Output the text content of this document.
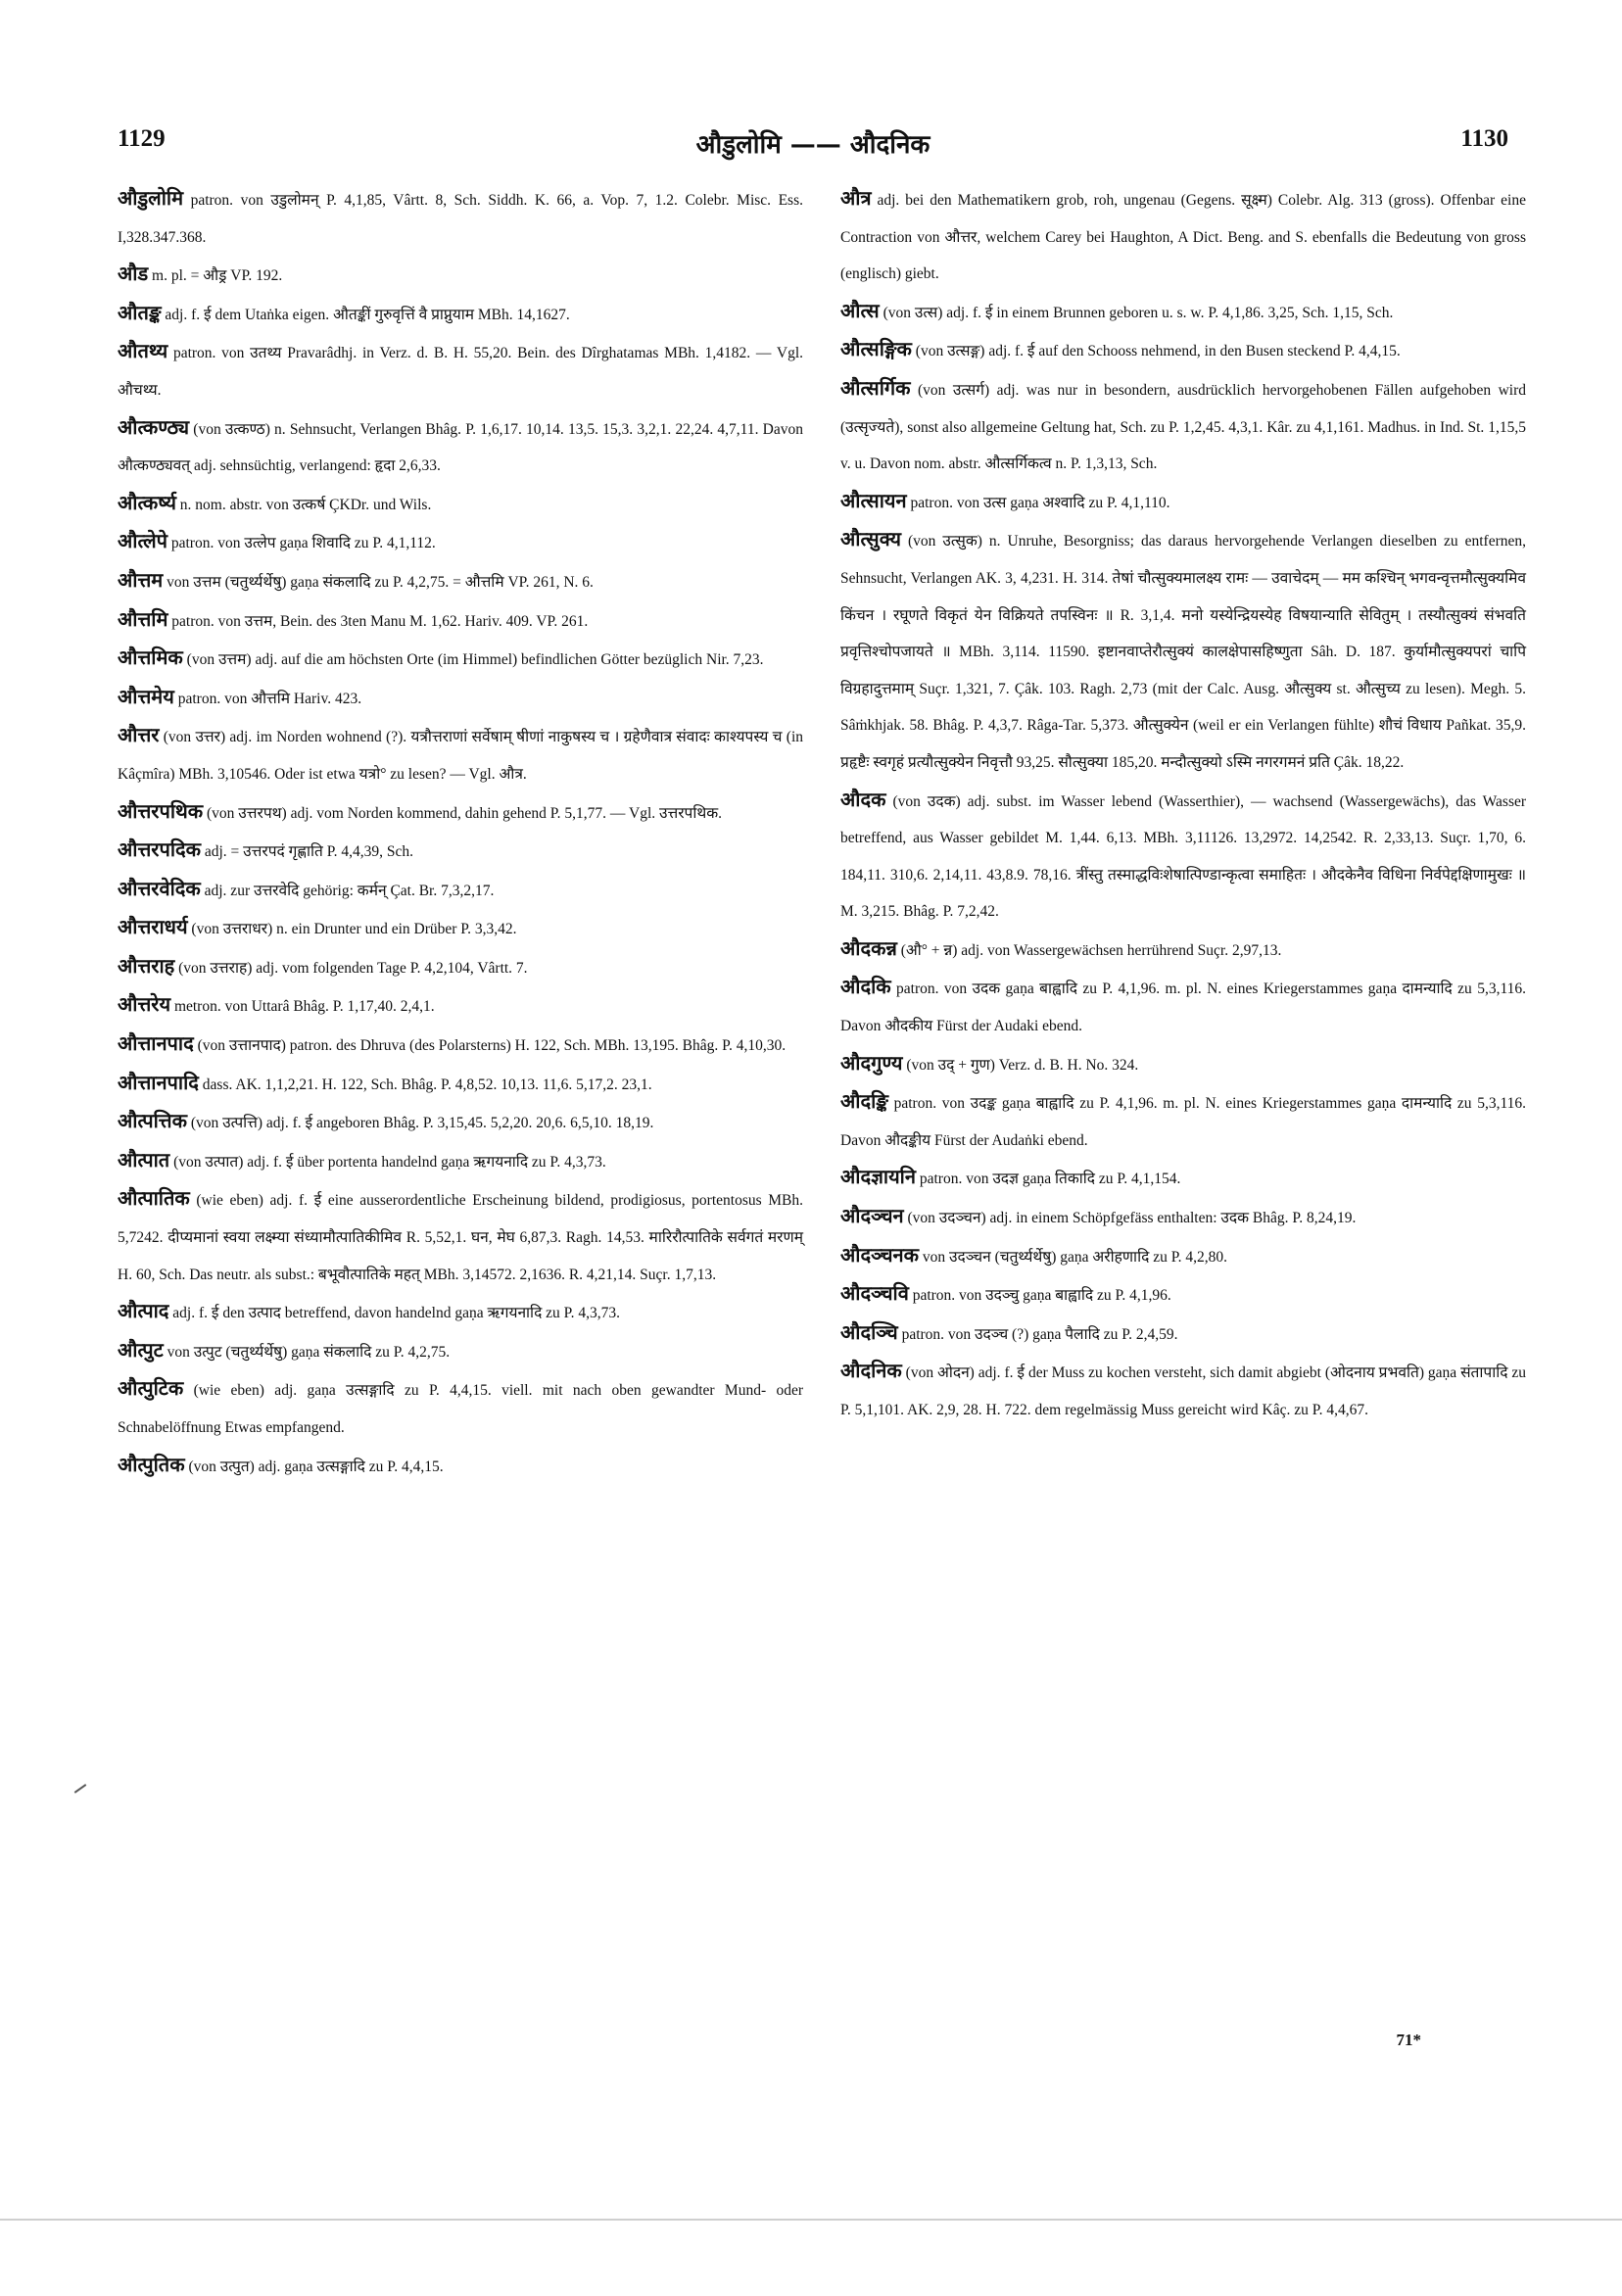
1129	औडुलोमि —— औदनिक	1130

औडुलोमि patron. von उडुलोमन् P. 4,1,85, Vârtt. 8, Sch. Siddh. K. 66, a. Vop. 7, 1.2. Colebr. Misc. Ess. I,328.347.368.

औड m. pl. = औड्र VP. 192.

औतङ्क adj. f. ई dem Utaṅka eigen. औतङ्कीं गुरुवृत्तिं वै प्राप्नुयाम MBh. 14,1627.

औतथ्य patron. von उतथ्य Pravarâdhj. in Verz. d. B. H. 55,20. Bein. des Dîrghatamas MBh. 1,4182. — Vgl. औचथ्य.

औत्कण्ठ्य (von उत्कण्ठ) n. Sehnsucht, Verlangen Bhâg. P. 1,6,17. 10,14. 13,5. 15,3. 3,2,1. 22,24. 4,7,11. Davon औत्कण्ठ्यवत् adj. sehnsüchtig, verlangend: हृदा 2,6,33.

औत्कर्ष्य n. nom. abstr. von उत्कर्ष ÇKDr. und Wils.

औत्लेपे patron. von उत्लेप gaṇa शिवादि zu P. 4,1,112.

औत्तम von उत्तम (चतुर्थ्यर्थेषु) gaṇa संकलादि zu P. 4,2,75. = औत्तमि VP. 261, N. 6.

औत्तमि patron. von उत्तम, Bein. des 3ten Manu M. 1,62. Hariv. 409. VP. 261.

औत्तमिक (von उत्तम) adj. auf die am höchsten Orte (im Himmel) befindlichen Götter bezüglich Nir. 7,23.

औत्तमेय patron. von औत्तमि Hariv. 423.

औत्तर (von उत्तर) adj. im Norden wohnend (?). यत्रौत्तराणां सर्वेषाम् षीणां नाकुषस्य च । ग्रहेणैवात्र संवादः काश्यपस्य च (in Kâçmîra) MBh. 3,10546. Oder ist etwa यत्रो° zu lesen? — Vgl. औत्र.

औत्तरपथिक (von उत्तरपथ) adj. vom Norden kommend, dahin gehend P. 5,1,77. — Vgl. उत्तरपथिक.

औत्तरपदिक adj. = उत्तरपदं गृह्णाति P. 4,4,39, Sch.

औत्तरवेदिक adj. zur उत्तरवेदि gehörig: कर्मन् Çat. Br. 7,3,2,17.

औत्तराधर्य (von उत्तराधर) n. ein Drunter und ein Drüber P. 3,3,42.

औत्तराह (von उत्तराह) adj. vom folgenden Tage P. 4,2,104, Vârtt. 7.

औत्तरेय metron. von Uttarâ Bhâg. P. 1,17,40. 2,4,1.

औत्तानपाद (von उत्तानपाद) patron. des Dhruva (des Polarsterns) H. 122, Sch. MBh. 13,195. Bhâg. P. 4,10,30.

औत्तानपादि dass. AK. 1,1,2,21. H. 122, Sch. Bhâg. P. 4,8,52. 10,13. 11,6. 5,17,2. 23,1.

औत्पत्तिक (von उत्पत्ति) adj. f. ई angeboren Bhâg. P. 3,15,45. 5,2,20. 20,6. 6,5,10. 18,19.

औत्पात (von उत्पात) adj. f. ई über portenta handelnd gaṇa ऋगयनादि zu P. 4,3,73.

औत्पातिक (wie eben) adj. f. ई eine ausserordentliche Erscheinung bildend, prodigiosus, portentosus MBh. 5,7242. दीप्यमानां स्वया लक्ष्म्या संध्यामौत्पातिकीमिव R. 5,52,1. घन, मेघ 6,87,3. Ragh. 14,53. मारिरौत्पातिके सर्वगतं मरणम् H. 60, Sch. Das neutr. als subst.: बभूवौत्पातिके महत् MBh. 3,14572. 2,1636. R. 4,21,14. Suçr. 1,7,13.

औत्पाद adj. f. ई den उत्पाद betreffend, davon handelnd gaṇa ऋगयनादि zu P. 4,3,73.

औत्पुट von उत्पुट (चतुर्थ्यर्थेषु) gaṇa संकलादि zu P. 4,2,75.

औत्पुटिक (wie eben) adj. gaṇa उत्सङ्गादि zu P. 4,4,15. viell. mit nach oben gewandter Mund- oder Schnabelöffnung Etwas empfangend.

औत्पुतिक (von उत्पुत) adj. gaṇa उत्सङ्गादि zu P. 4,4,15.

औत्र adj. bei den Mathematikern grob, roh, ungenau (Gegens. सूक्ष्म) Colebr. Alg. 313 (gross). Offenbar eine Contraction von औत्तर, welchem Carey bei Haughton, A Dict. Beng. and S. ebenfalls die Bedeutung von gross (englisch) giebt.

औत्स (von उत्स) adj. f. ई in einem Brunnen geboren u. s. w. P. 4,1,86. 3,25, Sch. 1,15, Sch.

औत्सङ्गिक (von उत्सङ्ग) adj. f. ई auf den Schooss nehmend, in den Busen steckend P. 4,4,15.

औत्सर्गिक (von उत्सर्ग) adj. was nur in besondern, ausdrücklich hervorgehobenen Fällen aufgehoben wird (उत्सृज्यते), sonst also allgemeine Geltung hat, Sch. zu P. 1,2,45. 4,3,1. Kâr. zu 4,1,161. Madhus. in Ind. St. 1,15,5 v. u. Davon nom. abstr. औत्सर्गिकत्व n. P. 1,3,13, Sch.

औत्सायन patron. von उत्स gaṇa अश्वादि zu P. 4,1,110.

औत्सुक्य (von उत्सुक) n. Unruhe, Besorgniss; das daraus hervorgehende Verlangen dieselben zu entfernen, Sehnsucht, Verlangen AK. 3, 4,231. H. 314. तेषां चौत्सुक्यमालक्ष्य रामः — उवाचेदम् — मम कश्चिन् भगवन्वृत्तमौत्सुक्यमिव किंचन । रघूणते विकृतं येन विक्रियते तपस्विनः ॥ R. 3,1,4. मनो यस्येन्द्रियस्येह विषयान्याति सेवितुम् । तस्यौत्सुक्यं संभवति प्रवृत्तिश्चोपजायते ॥ MBh. 3,114. 11590. इष्टानवाप्तेरौत्सुक्यं कालक्षेपासहिष्णुता Sâh. D. 187. कुर्यामौत्सुक्यपरां चापि विग्रहादुत्तमाम् Suçr. 1,321, 7. Çâk. 103. Ragh. 2,73 (mit der Calc. Ausg. औत्सुक्य st. औत्सुच्य zu lesen). Megh. 5. Sâṁkhjak. 58. Bhâg. P. 4,3,7. Râga-Tar. 5,373. औत्सुक्येन (weil er ein Verlangen fühlte) शौचं विधाय Pañkat. 35,9. प्रहृष्टैः स्वगृहं प्रत्यौत्सुक्येन निवृत्तौ 93,25. सौत्सुक्या 185,20. मन्दौत्सुक्यो ऽस्मि नगरगमनं प्रति Çâk. 18,22.

औदक (von उदक) adj. subst. im Wasser lebend (Wasserthier), — wachsend (Wassergewächs), das Wasser betreffend, aus Wasser gebildet M. 1,44. 6,13. MBh. 3,11126. 13,2972. 14,2542. R. 2,33,13. Suçr. 1,70, 6. 184,11. 310,6. 2,14,11. 43,8.9. 78,16. त्रींस्तु तस्माद्धविःशेषात्पिण्डान्कृत्वा समाहितः । औदकेनैव विधिना निर्वपेद्दक्षिणामुखः ॥ M. 3,215. Bhâg. P. 7,2,42.

औदकन्न (औ° + न्न) adj. von Wassergewächsen herrührend Suçr. 2,97,13.

औदकि patron. von उदक gaṇa बाह्वादि zu P. 4,1,96. m. pl. N. eines Kriegerstammes gaṇa दामन्यादि zu 5,3,116. Davon औदकीय Fürst der Audaki ebend.

औदगुण्य (von उद् + गुण) Verz. d. B. H. No. 324.

औदङ्कि patron. von उदङ्क gaṇa बाह्वादि zu P. 4,1,96. m. pl. N. eines Kriegerstammes gaṇa दामन्यादि zu 5,3,116. Davon औदङ्कीय Fürst der Audaṅki ebend.

औदज्ञायनि patron. von उदज्ञ gaṇa तिकादि zu P. 4,1,154.

औदञ्चन (von उदञ्चन) adj. in einem Schöpfgefäss enthalten: उदक Bhâg. P. 8,24,19.

औदञ्चनक von उदञ्चन (चतुर्थ्यर्थेषु) gaṇa अरीहणादि zu P. 4,2,80.

औदञ्चवि patron. von उदञ्चु gaṇa बाह्वादि zu P. 4,1,96.

औदञ्चि patron. von उदञ्च (?) gaṇa पैलादि zu P. 2,4,59.

औदनिक (von ओदन) adj. f. ई der Muss zu kochen versteht, sich damit abgiebt (ओदनाय प्रभवति) gaṇa संतापादि zu P. 5,1,101. AK. 2,9, 28. H. 722. dem regelmässig Muss gereicht wird Kâç. zu P. 4,4,67.

71*
